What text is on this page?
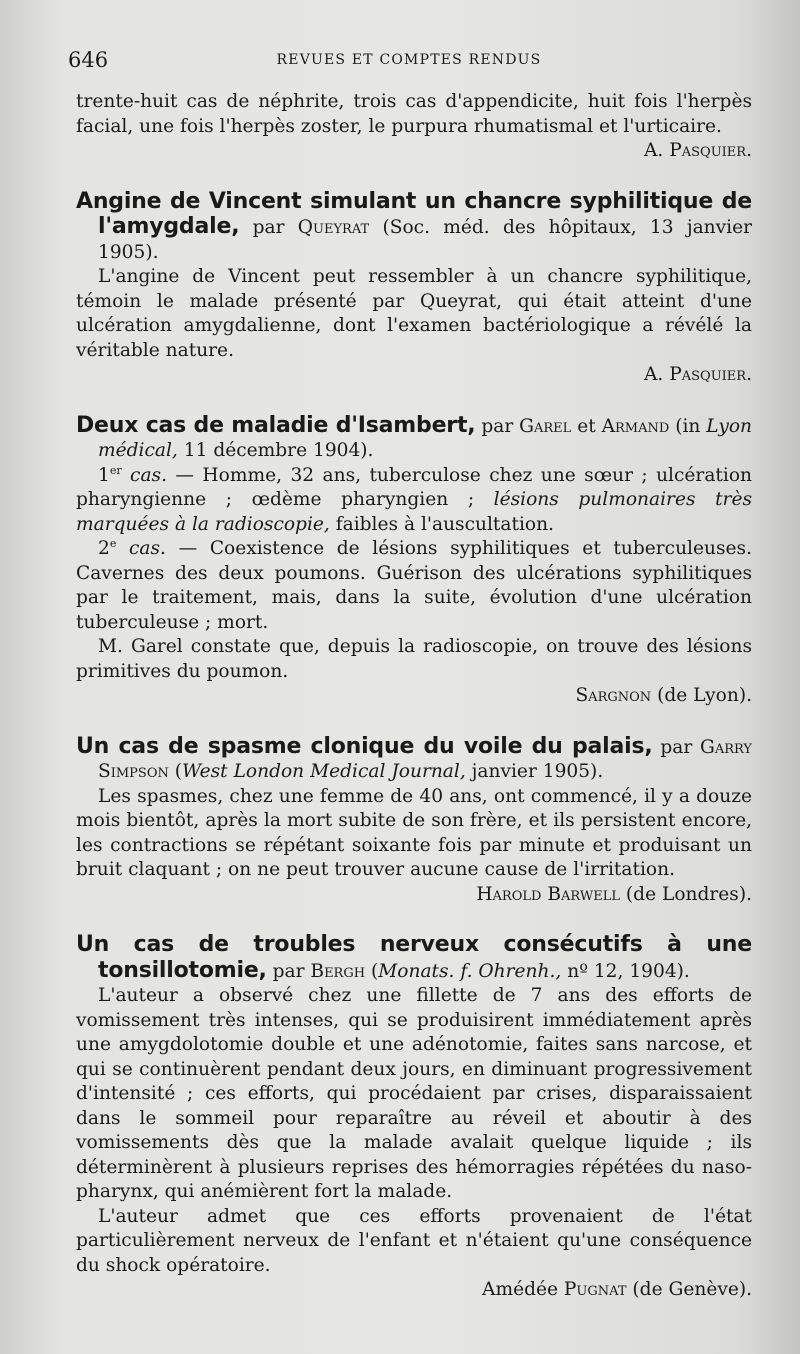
646	REVUES ET COMPTES RENDUS

trente-huit cas de néphrite, trois cas d'appendicite, huit fois l'herpès facial, une fois l'herpès zoster, le purpura rhumatismal et l'urticaire.

A. Pasquier.

Angine de Vincent simulant un chancre syphilitique de l'amygdale, par Queyrat (Soc. méd. des hôpitaux, 13 janvier 1905).

L'angine de Vincent peut ressembler à un chancre syphilitique, témoin le malade présenté par Queyrat, qui était atteint d'une ulcération amygdalienne, dont l'examen bactériologique a révélé la véritable nature.

A. Pasquier.

Deux cas de maladie d'Isambert, par Garel et Armand (in Lyon médical, 11 décembre 1904).

1er cas. — Homme, 32 ans, tuberculose chez une sœur ; ulcération pharyngienne ; œdème pharyngien ; lésions pulmonaires très marquées à la radioscopie, faibles à l'auscultation.

2e cas. — Coexistence de lésions syphilitiques et tuberculeuses. Cavernes des deux poumons. Guérison des ulcérations syphilitiques par le traitement, mais, dans la suite, évolution d'une ulcération tuberculeuse ; mort.

M. Garel constate que, depuis la radioscopie, on trouve des lésions primitives du poumon.

Sargnon (de Lyon).

Un cas de spasme clonique du voile du palais, par Garry Simpson (West London Medical Journal, janvier 1905).

Les spasmes, chez une femme de 40 ans, ont commencé, il y a douze mois bientôt, après la mort subite de son frère, et ils persistent encore, les contractions se répétant soixante fois par minute et produisant un bruit claquant ; on ne peut trouver aucune cause de l'irritation.

Harold Barwell (de Londres).

Un cas de troubles nerveux consécutifs à une tonsillotomie, par Bergh (Monats. f. Ohrenh., nº 12, 1904).

L'auteur a observé chez une fillette de 7 ans des efforts de vomissement très intenses, qui se produisirent immédiatement après une amygdolotomie double et une adénotomie, faites sans narcose, et qui se continuèrent pendant deux jours, en diminuant progressivement d'intensité ; ces efforts, qui procédaient par crises, disparaissaient dans le sommeil pour reparaître au réveil et aboutir à des vomissements dès que la malade avalait quelque liquide ; ils déterminèrent à plusieurs reprises des hémorragies répétées du naso-pharynx, qui anémièrent fort la malade.

L'auteur admet que ces efforts provenaient de l'état particulièrement nerveux de l'enfant et n'étaient qu'une conséquence du shock opératoire.

Amédée Pugnat (de Genève).
